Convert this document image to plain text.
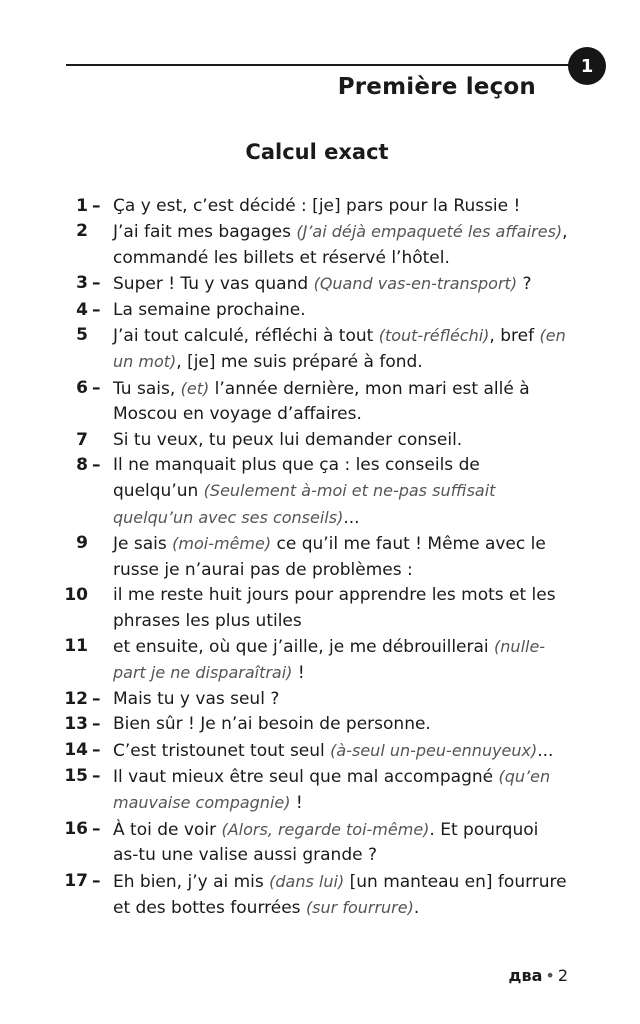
1
Première leçon
Calcul exact
1 – Ça y est, c’est décidé : [je] pars pour la Russie !
2 J’ai fait mes bagages (J’ai déjà empaqueté les affaires),
commandé les billets et réservé l’hôtel.
3 – Super ! Tu y vas quand (Quand vas-en-transport) ?
4 – La semaine prochaine.
5 J’ai tout calculé, réfléchi à tout (tout-réfléchi), bref (en
un mot), [je] me suis préparé à fond.
6 – Tu sais, (et) l’année dernière, mon mari est allé à
Moscou en voyage d’affaires.
7 Si tu veux, tu peux lui demander conseil.
8 – Il ne manquait plus que ça : les conseils de
quelqu’un (Seulement à-moi et ne-pas suffisait
quelqu’un avec ses conseils)...
9 Je sais (moi-même) ce qu’il me faut ! Même avec le
russe je n’aurai pas de problèmes :
10 il me reste huit jours pour apprendre les mots et les
phrases les plus utiles
11 et ensuite, où que j’aille, je me débrouillerai (nulle-
part je ne disparaîtrai) !
12 – Mais tu y vas seul ?
13 – Bien sûr ! Je n’ai besoin de personne.
14 – C’est tristounet tout seul (à-seul un-peu-ennuyeux)...
15 – Il vaut mieux être seul que mal accompagné (qu’en
mauvaise compagnie) !
16 – À toi de voir (Alors, regarde toi-même). Et pourquoi
as-tu une valise aussi grande ?
17 – Eh bien, j’y ai mis (dans lui) [un manteau en] fourrure
et des bottes fourrées (sur fourrure).
два • 2
